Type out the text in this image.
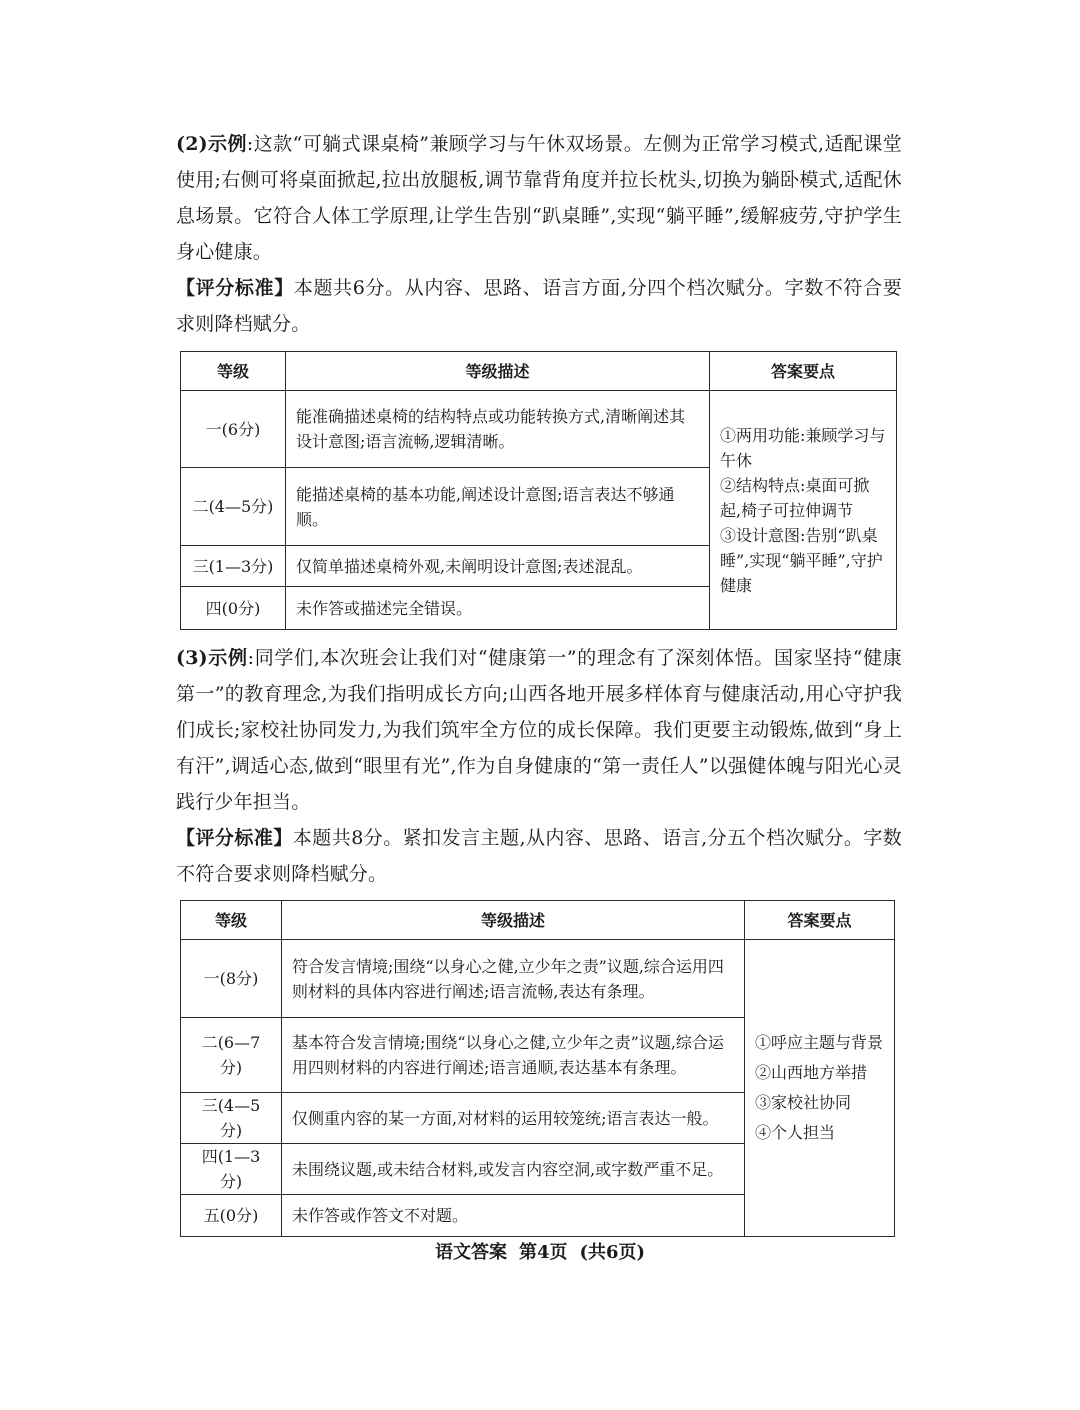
(2)示例:这款“可躺式课桌椅”兼顾学习与午休双场景。左侧为正常学习模式,适配课堂使用;右侧可将桌面掀起,拉出放腿板,调节靠背角度并拉长枕头,切换为躺卧模式,适配休息场景。它符合人体工学原理,让学生告别“趴桌睡”,实现“躺平睡”,缓解疲劳,守护学生身心健康。

【评分标准】本题共6分。从内容、思路、语言方面,分四个档次赋分。字数不符合要求则降档赋分。

等级	等级描述	答案要点
一(6分)	能准确描述桌椅的结构特点或功能转换方式,清晰阐述其设计意图;语言流畅,逻辑清晰。	①两用功能:兼顾学习与午休
②结构特点:桌面可掀起,椅子可拉伸调节
③设计意图:告别“趴桌睡”,实现“躺平睡”,守护健康

二(4—5分)	能描述桌椅的基本功能,阐述设计意图;语言表达不够通顺。	
三(1—3分)	仅简单描述桌椅外观,未阐明设计意图;表述混乱。	
四(0分)	未作答或描述完全错误。	

(3)示例:同学们,本次班会让我们对“健康第一”的理念有了深刻体悟。国家坚持“健康第一”的教育理念,为我们指明成长方向;山西各地开展多样体育与健康活动,用心守护我们成长;家校社协同发力,为我们筑牢全方位的成长保障。我们更要主动锻炼,做到“身上有汗”,调适心态,做到“眼里有光”,作为自身健康的“第一责任人”以强健体魄与阳光心灵践行少年担当。

【评分标准】本题共8分。紧扣发言主题,从内容、思路、语言,分五个档次赋分。字数不符合要求则降档赋分。

等级	等级描述	答案要点
一(8分)	符合发言情境;围绕“以身心之健,立少年之责”议题,综合运用四则材料的具体内容进行阐述;语言流畅,表达有条理。	①呼应主题与背景
②山西地方举措
③家校社协同
④个人担当

二(6—7分)	基本符合发言情境;围绕“以身心之健,立少年之责”议题,综合运用四则材料的内容进行阐述;语言通顺,表达基本有条理。	
三(4—5分)	仅侧重内容的某一方面,对材料的运用较笼统;语言表达一般。	
四(1—3分)	未围绕议题,或未结合材料,或发言内容空洞,或字数严重不足。	
五(0分)	未作答或作答文不对题。	
语文答案 第4页 (共6页)
